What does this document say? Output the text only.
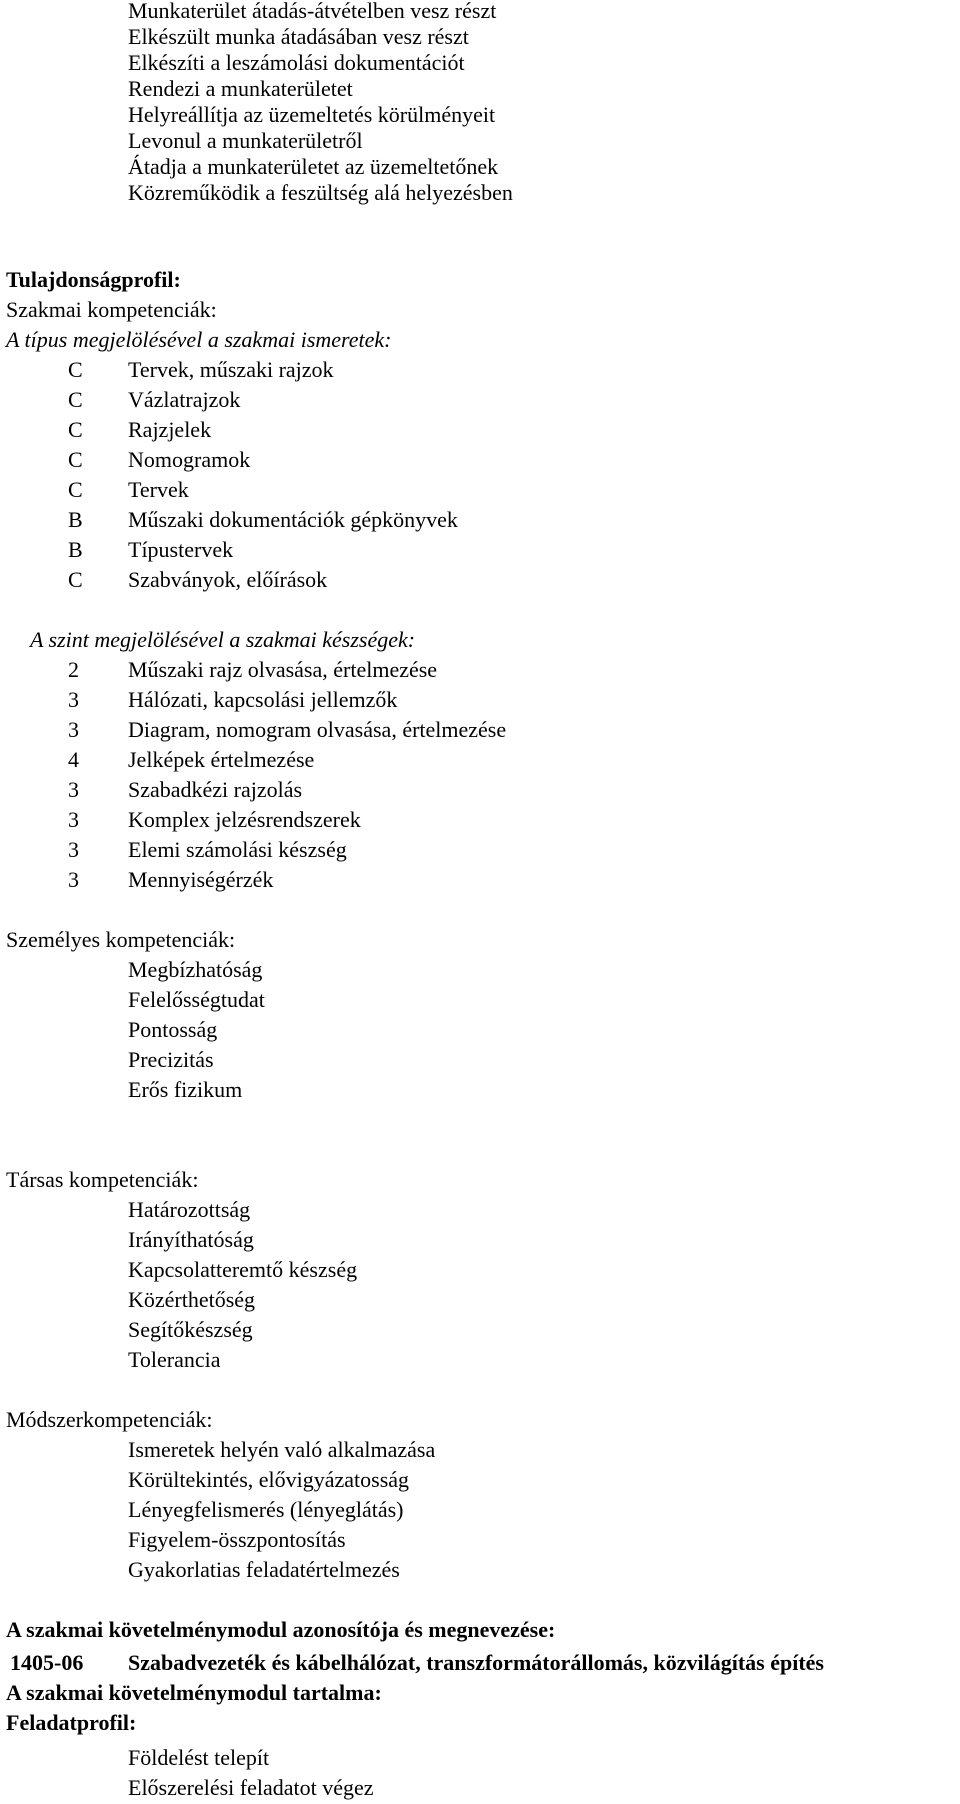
Munkaterület átadás-átvételben vesz részt
Elkészült munka átadásában vesz részt
Elkészíti a leszámolási dokumentációt
Rendezi a munkaterületet
Helyreállítja az üzemeltetés körülményeit
Levonul a munkaterületről
Átadja a munkaterületet az üzemeltetőnek
Közreműködik a feszültség alá helyezésben
Tulajdonságprofil:
Szakmai kompetenciák:
A típus megjelölésével a szakmai ismeretek:
C Tervek, műszaki rajzok
C Vázlatrajzok
C Rajzjelek
C Nomogramok
C Tervek
B Műszaki dokumentációk gépkönyvek
B Típustervek
C Szabványok, előírások
A szint megjelölésével a szakmai készségek:
2 Műszaki rajz olvasása, értelmezése
3 Hálózati, kapcsolási jellemzők
3 Diagram, nomogram olvasása, értelmezése
4 Jelképek értelmezése
3 Szabadkézi rajzolás
3 Komplex jelzésrendszerek
3 Elemi számolási készség
3 Mennyiségérzék
Személyes kompetenciák:
Megbízhatóság
Felelősségtudat
Pontosság
Precizitás
Erős fizikum
Társas kompetenciák:
Határozottság
Irányíthatóság
Kapcsolatteremtő készség
Közérthetőség
Segítőkészség
Tolerancia
Módszerkompetenciák:
Ismeretek helyén való alkalmazása
Körültekintés, elővigyázatosság
Lényegfelismerés (lényeglátás)
Figyelem-összpontosítás
Gyakorlatias feladatértelmezés
A szakmai követelménymodul azonosítója és megnevezése:
1405-06 Szabadvezeték és kábelhálózat, transzformátorállomás, közvilágítás építés
A szakmai követelménymodul tartalma:
Feladatprofil:
Földelést telepít
Előszerelési feladatot végez
